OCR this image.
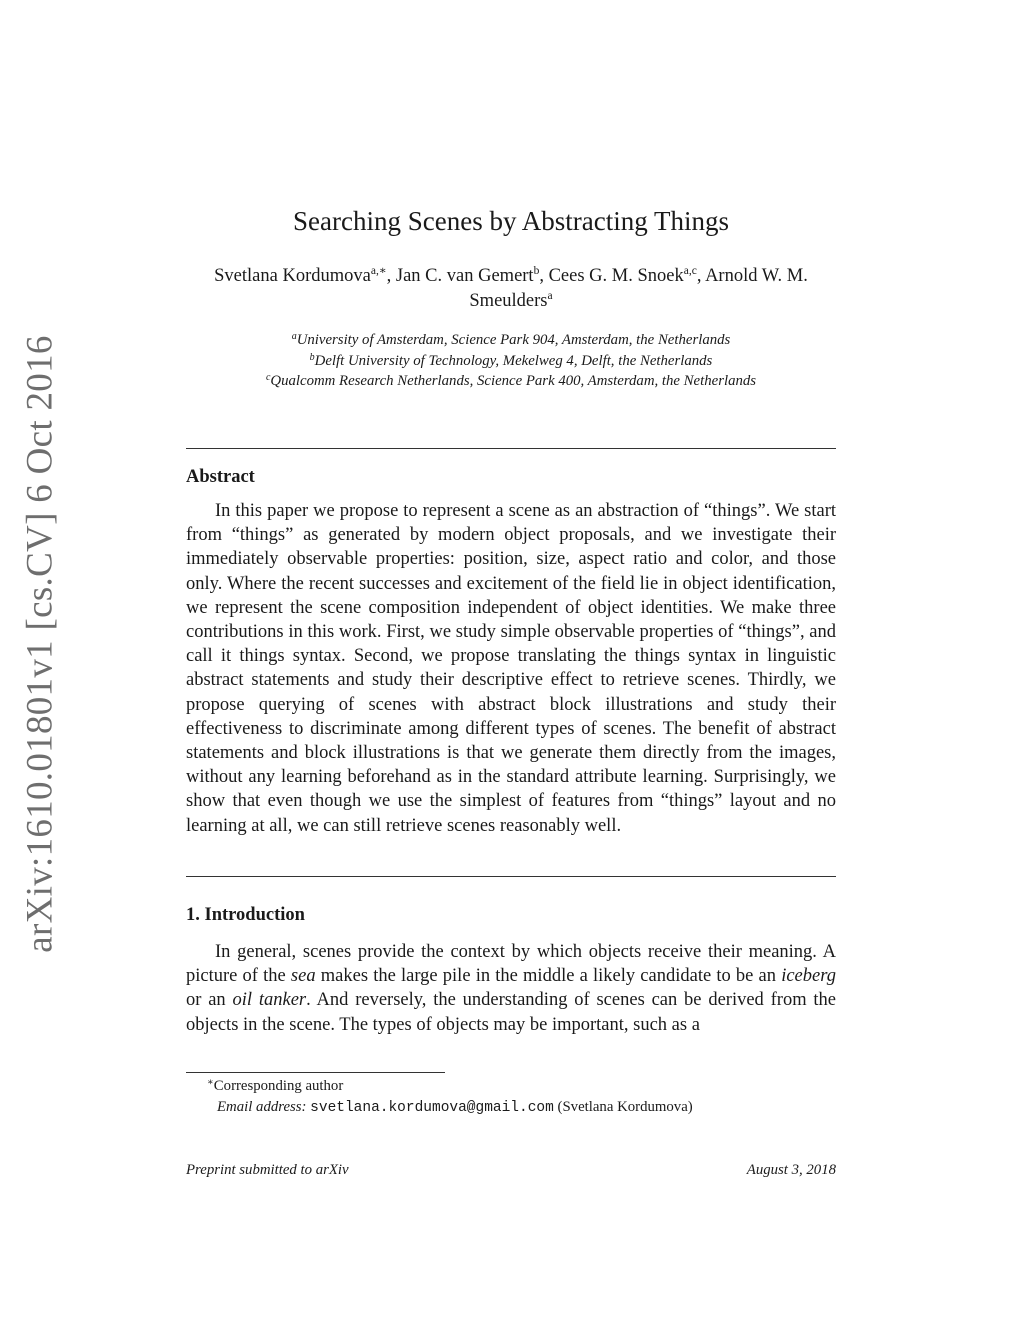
arXiv:1610.01801v1 [cs.CV] 6 Oct 2016
Searching Scenes by Abstracting Things
Svetlana Kordumova$^{a,∗}$, Jan C. van Gemert$^b$, Cees G. M. Snoek$^{a,c}$, Arnold W. M. Smeulders$^a$
$^a$University of Amsterdam, Science Park 904, Amsterdam, the Netherlands
$^b$Delft University of Technology, Mekelweg 4, Delft, the Netherlands
$^c$Qualcomm Research Netherlands, Science Park 400, Amsterdam, the Netherlands
Abstract

In this paper we propose to represent a scene as an abstraction of “things”. We start from “things” as generated by modern object proposals, and we investigate their immediately observable properties: position, size, aspect ratio and color, and those only. Where the recent successes and excitement of the field lie in object identification, we represent the scene composition independent of object identities. We make three contributions in this work. First, we study simple observable properties of “things”, and call it things syntax. Second, we propose translating the things syntax in linguistic abstract statements and study their descriptive effect to retrieve scenes. Thirdly, we propose querying of scenes with abstract block illustrations and study their effectiveness to discriminate among different types of scenes. The benefit of abstract statements and block illustrations is that we generate them directly from the images, without any learning beforehand as in the standard attribute learning. Surprisingly, we show that even though we use the simplest of features from “things” layout and no learning at all, we can still retrieve scenes reasonably well.

1. Introduction

In general, scenes provide the context by which objects receive their meaning. A picture of the sea makes the large pile in the middle a likely candidate to be an iceberg or an oil tanker. And reversely, the understanding of scenes can be derived from the objects in the scene. The types of objects may be important, such as a

∗Corresponding author
Email address: svetlana.kordumova@gmail.com (Svetlana Kordumova)
Preprint submitted to arXiv	August 3, 2018
